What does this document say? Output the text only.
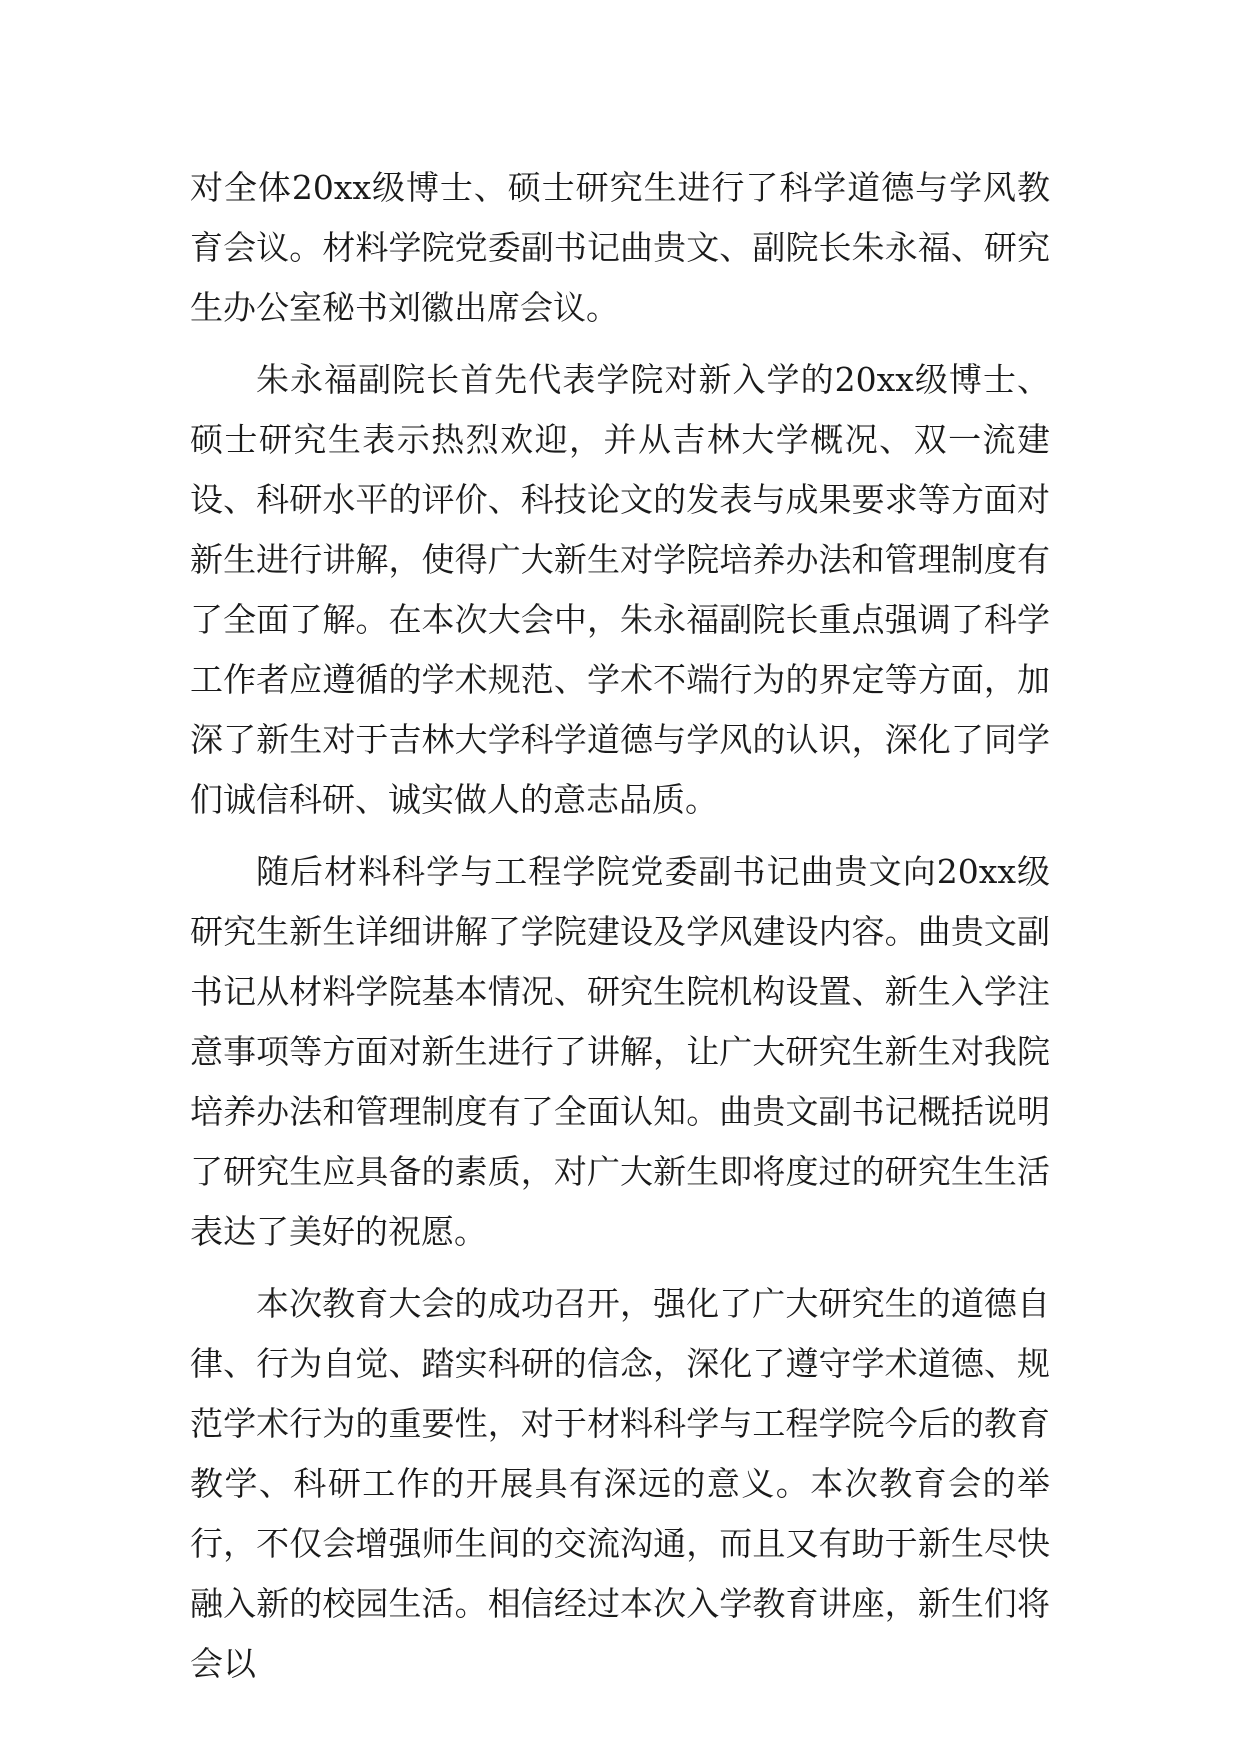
对全体20xx级博士、硕士研究生进行了科学道德与学风教育会议。材料学院党委副书记曲贵文、副院长朱永福、研究生办公室秘书刘徽出席会议。

朱永福副院长首先代表学院对新入学的20xx级博士、硕士研究生表示热烈欢迎，并从吉林大学概况、双一流建设、科研水平的评价、科技论文的发表与成果要求等方面对新生进行讲解，使得广大新生对学院培养办法和管理制度有了全面了解。在本次大会中，朱永福副院长重点强调了科学工作者应遵循的学术规范、学术不端行为的界定等方面，加深了新生对于吉林大学科学道德与学风的认识，深化了同学们诚信科研、诚实做人的意志品质。

随后材料科学与工程学院党委副书记曲贵文向20xx级研究生新生详细讲解了学院建设及学风建设内容。曲贵文副书记从材料学院基本情况、研究生院机构设置、新生入学注意事项等方面对新生进行了讲解，让广大研究生新生对我院培养办法和管理制度有了全面认知。曲贵文副书记概括说明了研究生应具备的素质，对广大新生即将度过的研究生生活表达了美好的祝愿。

本次教育大会的成功召开，强化了广大研究生的道德自律、行为自觉、踏实科研的信念，深化了遵守学术道德、规范学术行为的重要性，对于材料科学与工程学院今后的教育教学、科研工作的开展具有深远的意义。本次教育会的举行，不仅会增强师生间的交流沟通，而且又有助于新生尽快融入新的校园生活。相信经过本次入学教育讲座，新生们将会以
